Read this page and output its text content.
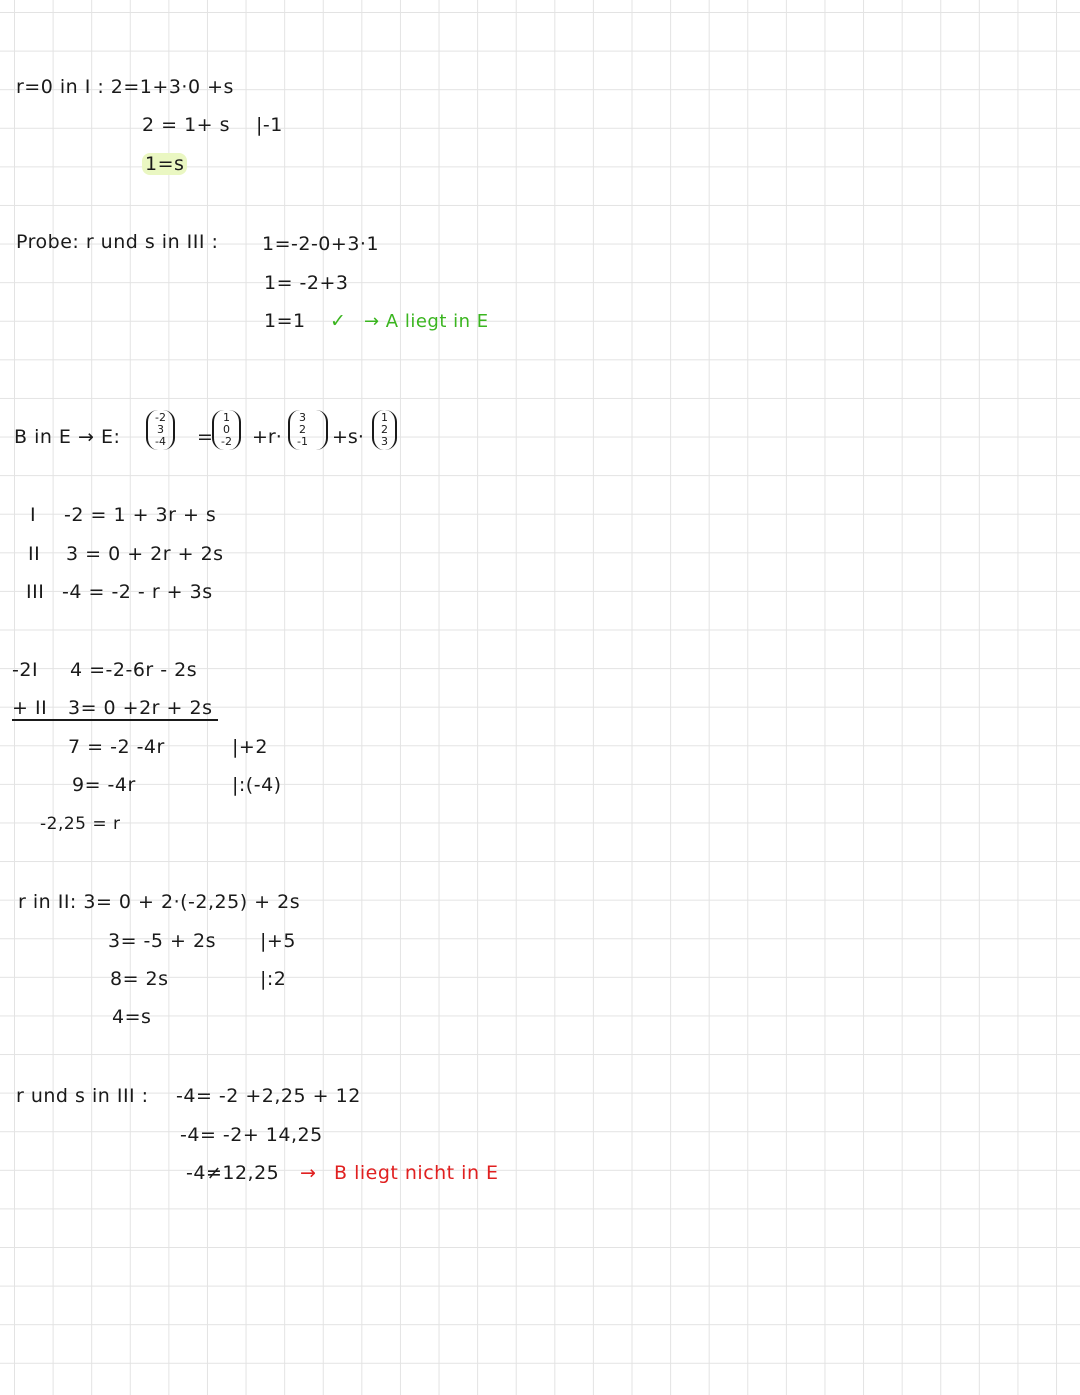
r=0 in I : 2=1+3·0 +s
2 = 1+ s |-1
1=s
Probe: r und s in III : 1=-2-0+3·1
1= -2+3
1=1 ✓ → A liegt in E
B in E → E:
-2
3
-4 =
1
0
-2 +r·
3
2
-1 +s·
1
2
3
I -2 = 1 + 3r + s
II 3 = 0 + 2r + 2s
III -4 = -2 - r + 3s
-2I 4 =-2-6r - 2s
+ II 3= 0 +2r + 2s
7 = -2 -4r	|+2
9= -4r	|:(-4)
-2,25 = r
r in II: 3= 0 + 2·(-2,25) + 2s
3= -5 + 2s |+5
8= 2s	|:2
4=s
r und s in III : -4= -2 +2,25 + 12
-4= -2+ 14,25
-4≠12,25 → B liegt nicht in E
